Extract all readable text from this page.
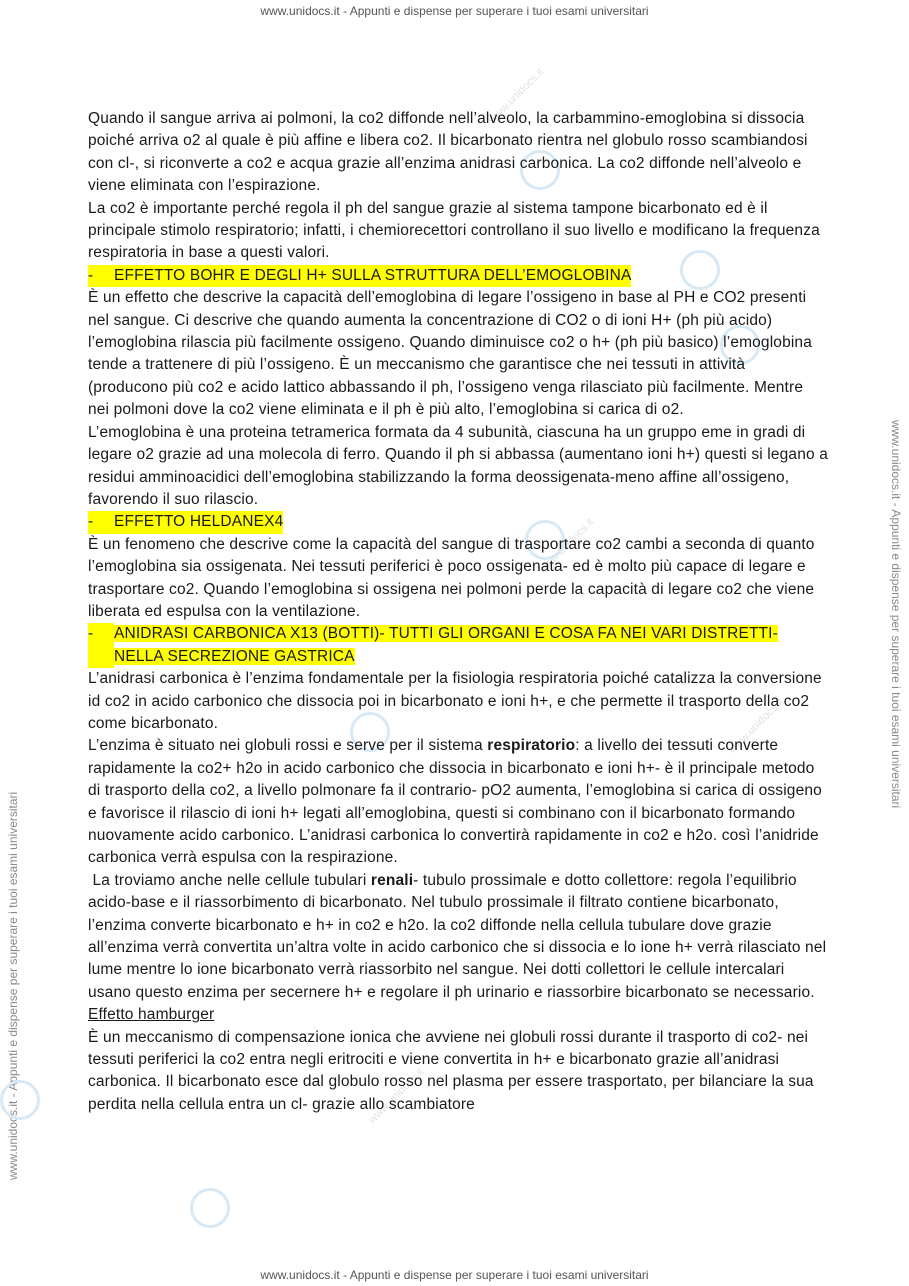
www.unidocs.it - Appunti e dispense per superare i tuoi esami universitari
www.unidocs.it - Appunti e dispense per superare i tuoi esami universitari
www.unidocs.it - Appunti e dispense per superare i tuoi esami universitari
www.unidocs.it - Appunti e dispense per superare i tuoi esami universitari
www.unidocs.it
www.unidocs.it
www.unidocs.it
www.unidocs.it

Quando il sangue arriva ai polmoni, la co2 diffonde nell’alveolo, la carbammino-emoglobina si dissocia poiché arriva o2 al quale è più affine e libera co2. Il bicarbonato rientra nel globulo rosso scambiandosi con cl-, si riconverte a co2 e acqua grazie all’enzima anidrasi carbonica. La co2 diffonde nell’alveolo e viene eliminata con l’espirazione.

La co2 è importante perché regola il ph del sangue grazie al sistema tampone bicarbonato ed è il principale stimolo respiratorio; infatti, i chemiorecettori controllano il suo livello e modificano la frequenza respiratoria in base a questi valori.

-	EFFETTO BOHR E DEGLI H+ SULLA STRUTTURA DELL’EMOGLOBINA

È un effetto che descrive la capacità dell’emoglobina di legare l’ossigeno in base al PH e CO2 presenti nel sangue. Ci descrive che quando aumenta la concentrazione di CO2 o di ioni H+ (ph più acido) l’emoglobina rilascia più facilmente ossigeno. Quando diminuisce co2 o h+ (ph più basico) l’emoglobina tende a trattenere di più l’ossigeno. È un meccanismo che garantisce che nei tessuti in attività (producono più co2 e acido lattico abbassando il ph, l’ossigeno venga rilasciato più facilmente. Mentre nei polmoni dove la co2 viene eliminata e il ph è più alto, l’emoglobina si carica di o2.

L’emoglobina è una proteina tetramerica formata da 4 subunità, ciascuna ha un gruppo eme in gradi di legare o2 grazie ad una molecola di ferro. Quando il ph si abbassa (aumentano ioni h+) questi si legano a residui amminoacidici dell’emoglobina stabilizzando la forma deossigenata-meno affine all’ossigeno, favorendo il suo rilascio.

-	EFFETTO HELDANEX4

È un fenomeno che descrive come la capacità del sangue di trasportare co2 cambi a seconda di quanto l’emoglobina sia ossigenata. Nei tessuti periferici è poco ossigenata- ed è molto più capace di legare e trasportare co2. Quando l’emoglobina si ossigena nei polmoni perde la capacità di legare co2 che viene liberata ed espulsa con la ventilazione.

-	ANIDRASI CARBONICA X13 (BOTTI)- TUTTI GLI ORGANI E COSA FA NEI VARI DISTRETTI- NELLA SECREZIONE GASTRICA

L’anidrasi carbonica è l’enzima fondamentale per la fisiologia respiratoria poiché catalizza la conversione id co2 in acido carbonico che dissocia poi in bicarbonato e ioni h+, e che permette il trasporto della co2 come bicarbonato.

L’enzima è situato nei globuli rossi e serve per il sistema respiratorio: a livello dei tessuti converte rapidamente la co2+ h2o in acido carbonico che dissocia in bicarbonato e ioni h+- è il principale metodo di trasporto della co2, a livello polmonare fa il contrario- pO2 aumenta, l’emoglobina si carica di ossigeno e favorisce il rilascio di ioni h+ legati all’emoglobina, questi si combinano con il bicarbonato formando nuovamente acido carbonico. L’anidrasi carbonica lo convertirà rapidamente in co2 e h2o. così l’anidride carbonica verrà espulsa con la respirazione.

La troviamo anche nelle cellule tubulari renali- tubulo prossimale e dotto collettore: regola l’equilibrio acido-base e il riassorbimento di bicarbonato. Nel tubulo prossimale il filtrato contiene bicarbonato, l’enzima converte bicarbonato e h+ in co2 e h2o. la co2 diffonde nella cellula tubulare dove grazie all’enzima verrà convertita un’altra volte in acido carbonico che si dissocia e lo ione h+ verrà rilasciato nel lume mentre lo ione bicarbonato verrà riassorbito nel sangue. Nei dotti collettori le cellule intercalari usano questo enzima per secernere h+ e regolare il ph urinario e riassorbire bicarbonato se necessario.

Effetto hamburger

È un meccanismo di compensazione ionica che avviene nei globuli rossi durante il trasporto di co2- nei tessuti periferici la co2 entra negli eritrociti e viene convertita in h+ e bicarbonato grazie all’anidrasi carbonica. Il bicarbonato esce dal globulo rosso nel plasma per essere trasportato, per bilanciare la sua perdita nella cellula entra un cl- grazie allo scambiatore
